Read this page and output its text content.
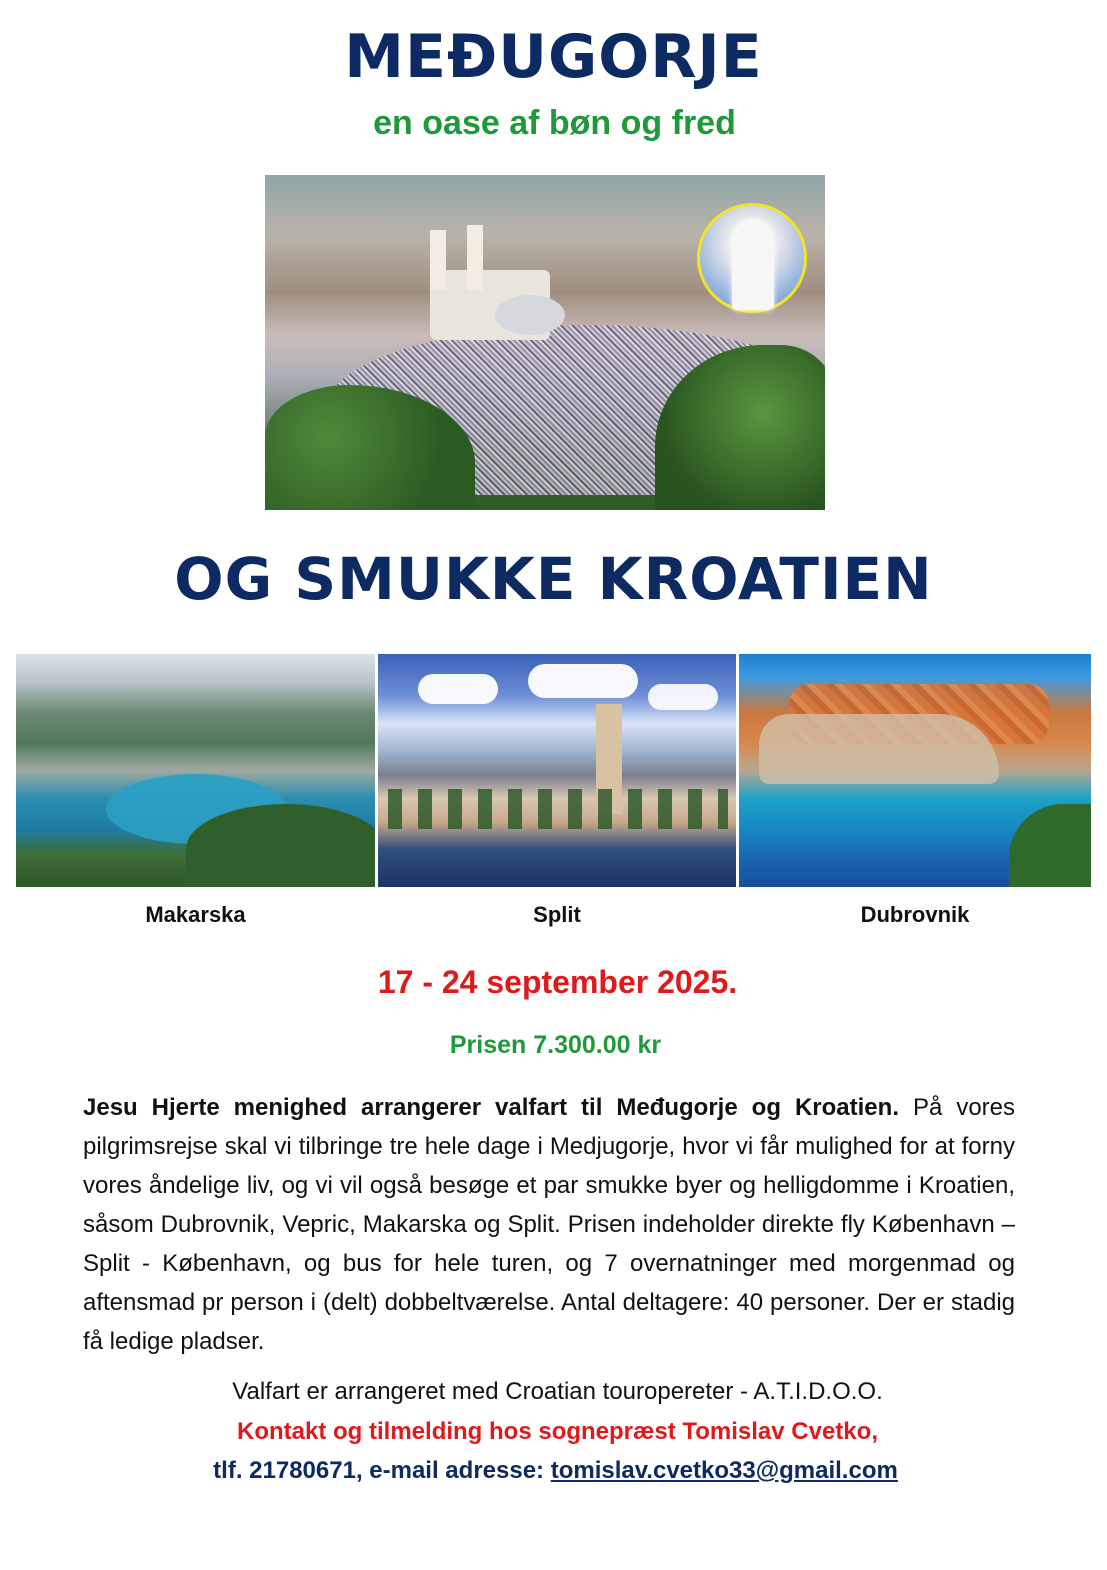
MEĐUGORJE
en oase af bøn og fred
OG SMUKKE KROATIEN
Makarska	Split	Dubrovnik
17 - 24 september 2025.
Prisen 7.300.00 kr
Jesu Hjerte menighed arrangerer valfart til Međugorje og Kroatien. På vores pilgrimsrejse skal vi tilbringe tre hele dage i Medjugorje, hvor vi får mulighed for at forny vores åndelige liv, og vi vil også besøge et par smukke byer og helligdomme i Kroatien, såsom Dubrovnik, Vepric, Makarska og Split. Prisen indeholder direkte fly København – Split - København, og bus for hele turen, og 7 overnatninger med morgenmad og aftensmad pr person i (delt) dobbeltværelse. Antal deltagere: 40 personer. Der er stadig få ledige pladser.
Valfart er arrangeret med Croatian touropereter - A.T.I.D.O.O.
Kontakt og tilmelding hos sognepræst Tomislav Cvetko,
tlf. 21780671, e-mail adresse: tomislav.cvetko33@gmail.com
